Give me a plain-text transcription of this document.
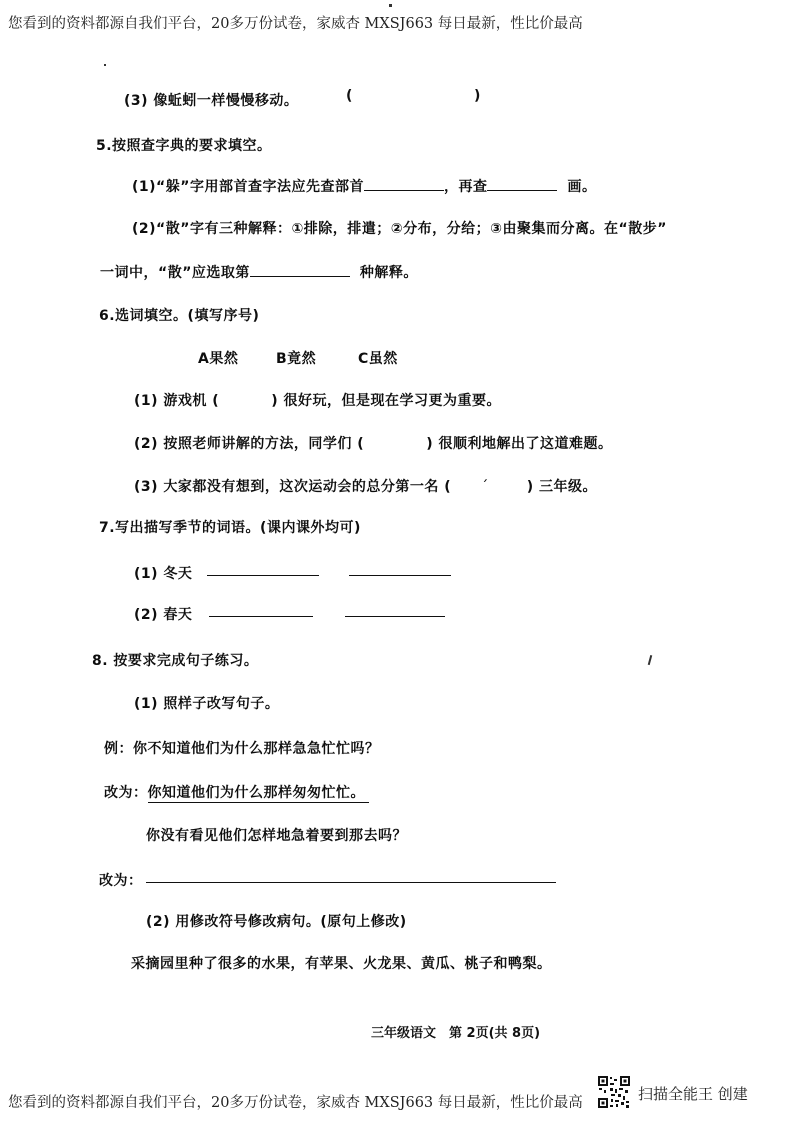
您看到的资料都源自我们平台，20多万份试卷，家威杏 MXSJ663 每日最新，性比价最高
(3) 像蚯蚓一样慢慢移动。	(	)
5.按照查字典的要求填空。
(1)“躲”字用部首查字法应先查部首	，再查	画。
(2)“散”字有三种解释：①排除，排遣；②分布，分给；③由聚集而分离。在“散步”
一词中，“散”应选取第	种解释。
6.选词填空。(填写序号)
A果然	B竟然	C虽然
(1) 游戏机 (	) 很好玩，但是现在学习更为重要。
(2) 按照老师讲解的方法，同学们 (	) 很顺利地解出了这道难题。
(3) 大家都没有想到，这次运动会的总分第一名 ( ˊ	) 三年级。
7.写出描写季节的词语。(课内课外均可)
(1) 冬天
(2) 春天
8. 按要求完成句子练习。
(1) 照样子改写句子。
例：你不知道他们为什么那样急急忙忙吗？
改为：你知道他们为什么那样匆匆忙忙。
你没有看见他们怎样地急着要到那去吗？
改为：
(2) 用修改符号修改病句。(原句上修改)
采摘园里种了很多的水果，有苹果、火龙果、黄瓜、桃子和鸭梨。
三年级语文　第 2页(共 8页)
您看到的资料都源自我们平台，20多万份试卷，家威杏 MXSJ663 每日最新，性比价最高	扫描全能王 创建
